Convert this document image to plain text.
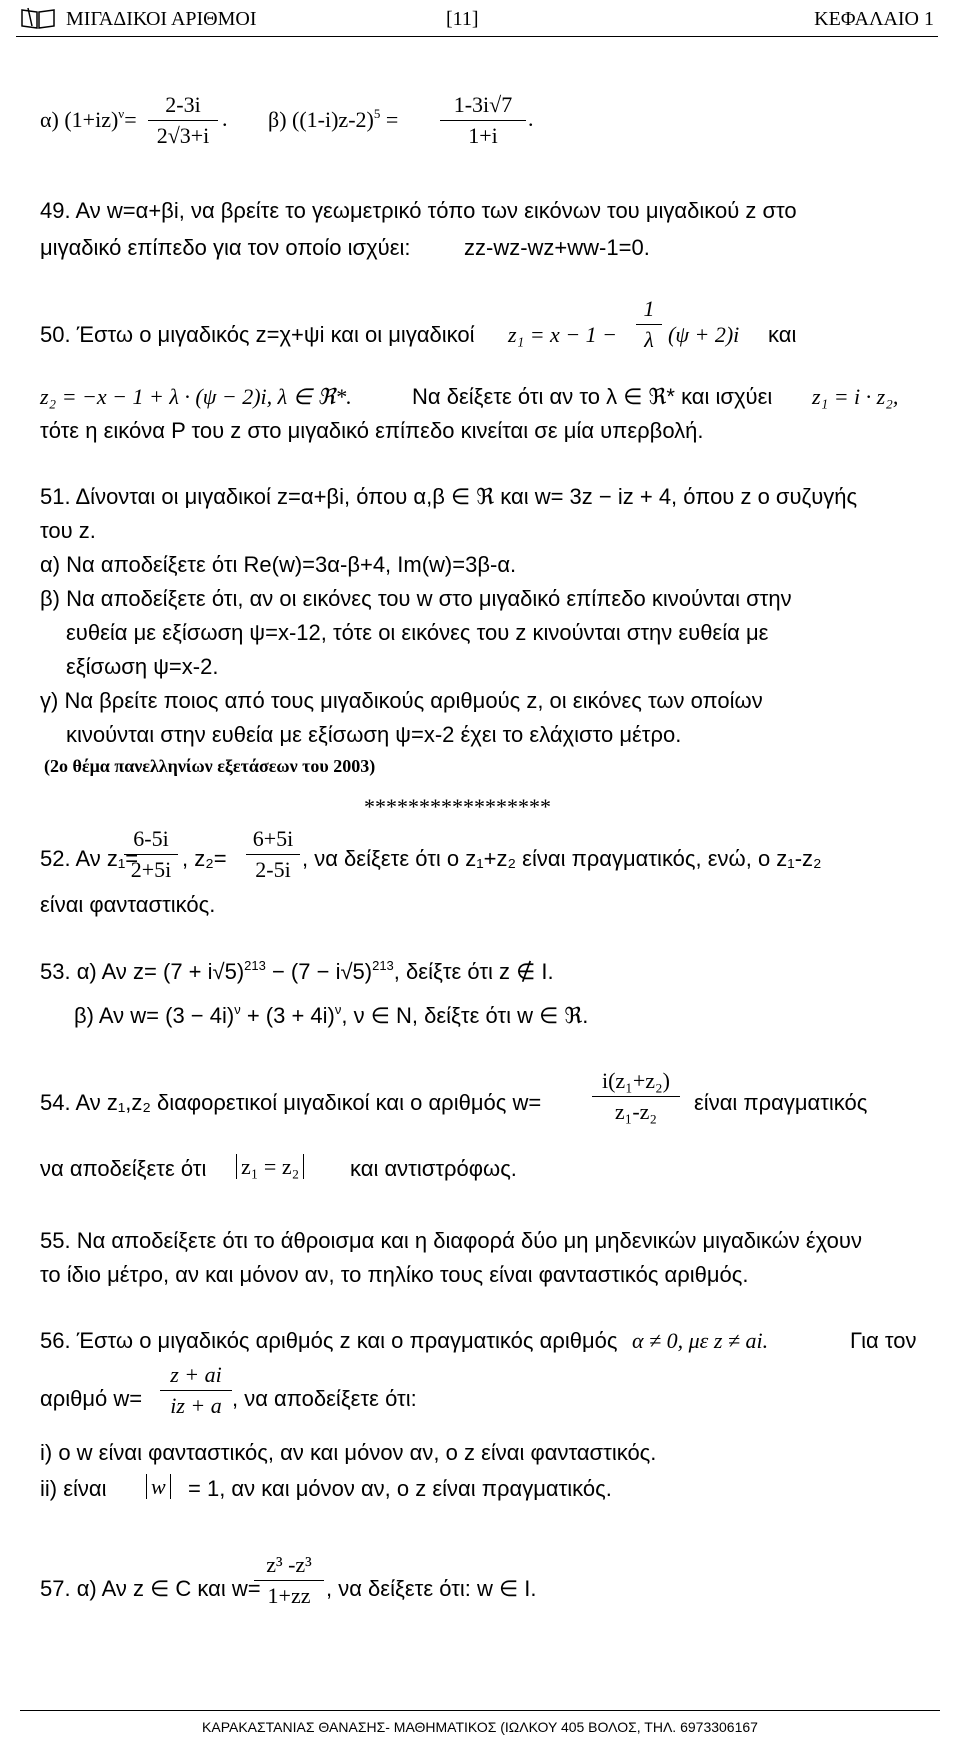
ΜΙΓΑΔΙΚΟΙ ΑΡΙΘΜΟΙ	[11]	ΚΕΦΑΛΑΙΟ 1
α) $(1+iz)^\nu= \frac{2-3i}{2√3+i}$ . β) $((1-i)z-2)^5 = \frac{1-3i√7}{1+i}$ .
49. Αν w=α+βi, να βρείτε το γεωμετρικό τόπο των εικόνων του μιγαδικού z στο
μιγαδικό επίπεδο για τον οποίο ισχύει: zz-wz-wz+ww-1=0.
50. Έστω ο μιγαδικός z=χ+ψi και οι μιγαδικοί $z_1 = x - 1 - \frac{1}{\lambda} (\psi + 2)i$ και
z₂ = −x − 1 + λ · (ψ − 2)i, λ ∈ ℜ*.	Να δείξετε ότι αν το λ ∈ ℜ* και ισχύει z₁ = i · z₂,
τότε η εικόνα P του z στο μιγαδικό επίπεδο κινείται σε μία υπερβολή.
51. Δίνονται οι μιγαδικοί z=α+βi, όπου α,β ∈ ℜ και w= 3z − iz + 4, όπου z ο συζυγής
του z.
α) Να αποδείξετε ότι Re(w)=3α-β+4, Im(w)=3β-α.
β) Να αποδείξετε ότι, αν οι εικόνες του w στο μιγαδικό επίπεδο κινούνται στην
ευθεία με εξίσωση ψ=x-12, τότε οι εικόνες του z κινούνται στην ευθεία με
εξίσωση ψ=x-2.
γ) Να βρείτε ποιος από τους μιγαδικούς αριθμούς z, οι εικόνες των οποίων
κινούνται στην ευθεία με εξίσωση ψ=x-2 έχει το ελάχιστο μέτρο.
(2ο θέμα πανελληνίων εξετάσεων του 2003)
*****************
52. Αν z₁=
$\frac{6-5i}{2+5i}$ , $z_2= \frac{6+5i}{2-5i}$ , να δείξετε ότι ο z₁+z₂ είναι πραγματικός, ενώ, ο z₁-z₂
είναι φανταστικός.
53. α) Αν $z= (7 + i√5)^{213} - (7 - i√5)^{213}$, δείξτε ότι z ∉ I.
β) Αν $w= (3 - 4i)^\nu + (3 + 4i)^\nu$, ν ∈ N, δείξτε ότι w ∈ ℜ.
54. Αν z₁,z₂ διαφορετικοί μιγαδικοί και ο αριθμός $w= \frac{\text{i(z₁+z₂)}}{\text{z₁-z₂}}$ είναι πραγματικός
να αποδείξετε ότι z₁ = z₂ και αντιστρόφως.
55. Να αποδείξετε ότι το άθροισμα και η διαφορά δύο μη μηδενικών μιγαδικών έχουν
το ίδιο μέτρο, αν και μόνον αν, το πηλίκο τους είναι φανταστικός αριθμός.
56. Έστω ο μιγαδικός αριθμός z και ο πραγματικός αριθμός α ≠ 0, με z ≠ ai.	Για τον
αριθμό $w= \frac{z + ai}{iz + a}$ , να αποδείξετε ότι:
i) ο w είναι φανταστικός, αν και μόνον αν, ο z είναι φανταστικός.
ii) είναι w = 1, αν και μόνον αν, ο z είναι πραγματικός.
57. α) Αν z ∈ C και w=
$\frac{\text{z³ -z³}}{1+zz}$ , να δείξετε ότι: w ∈ I.
ΚΑΡΑΚΑΣΤΑΝΙΑΣ ΘΑΝΑΣΗΣ- ΜΑΘΗΜΑΤΙΚΟΣ (ΙΩΛΚΟΥ 405 ΒΟΛΟΣ, ΤΗΛ. 6973306167
